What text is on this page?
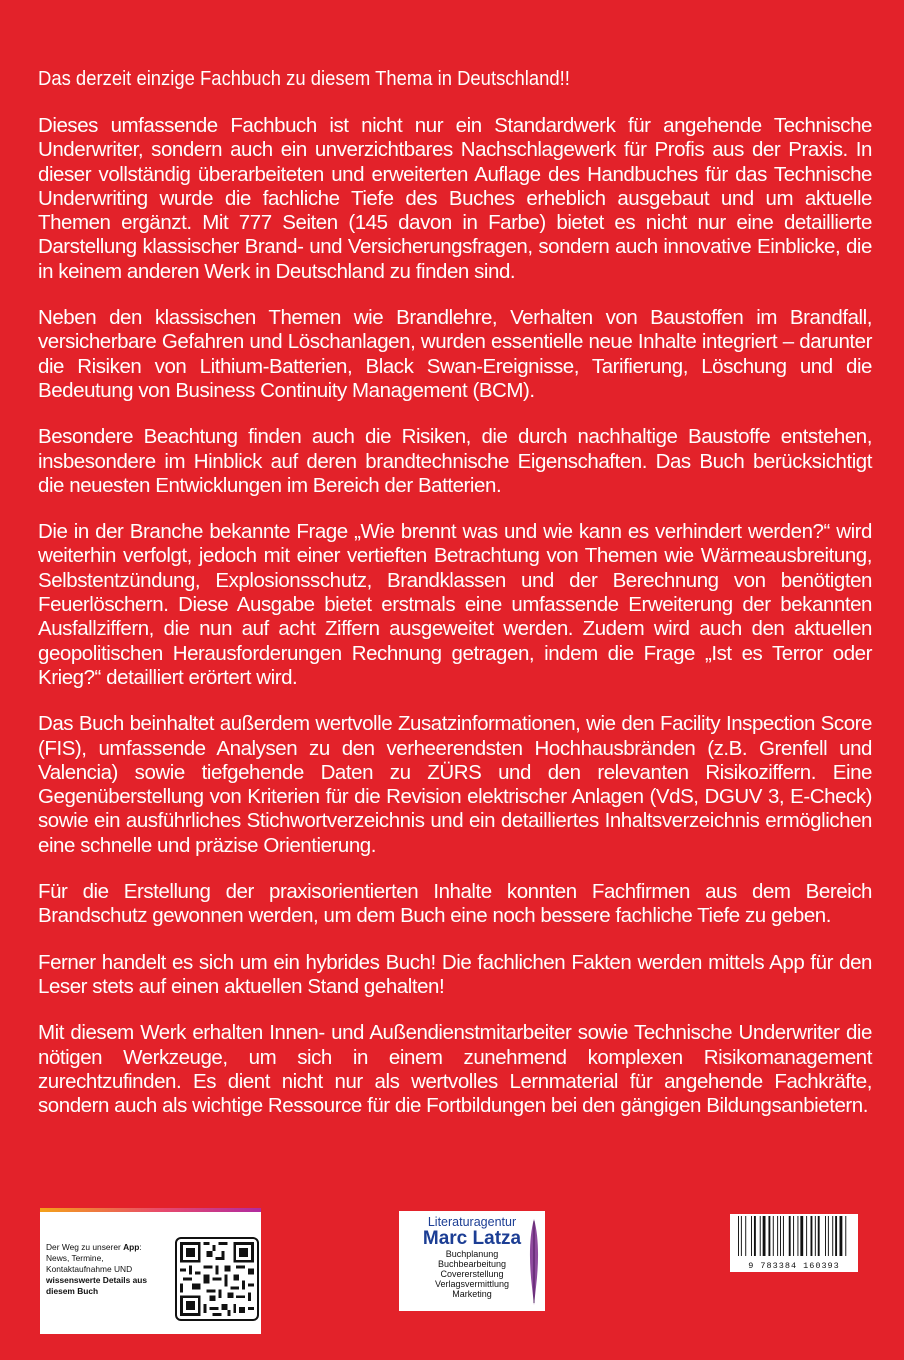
Das derzeit einzige Fachbuch zu diesem Thema in Deutschland!!

Dieses umfassende Fachbuch ist nicht nur ein Standardwerk für angehende Technische Underwriter, sondern auch ein unverzichtbares Nachschlagewerk für Profis aus der Praxis. In dieser vollständig überarbeiteten und erweiterten Auflage des Handbuches für das Technische Underwriting wurde die fachliche Tiefe des Buches erheblich ausgebaut und um aktuelle Themen ergänzt. Mit 777 Seiten (145 davon in Farbe) bietet es nicht nur eine detaillierte Darstellung klassischer Brand- und Versicherungsfragen, sondern auch innovative Einblicke, die in keinem anderen Werk in Deutschland zu finden sind.

Neben den klassischen Themen wie Brandlehre, Verhalten von Baustoffen im Brandfall, versicherbare Gefahren und Löschanlagen, wurden essentielle neue Inhalte integriert – darunter die Risiken von Lithium-Batterien, Black Swan-Ereignisse, Tarifierung, Löschung und die Bedeutung von Business Continuity Management (BCM).

Besondere Beachtung finden auch die Risiken, die durch nachhaltige Baustoffe entstehen, insbesondere im Hinblick auf deren brandtechnische Eigenschaften. Das Buch berücksichtigt die neuesten Entwicklungen im Bereich der Batterien.

Die in der Branche bekannte Frage „Wie brennt was und wie kann es verhindert werden?“ wird weiterhin verfolgt, jedoch mit einer vertieften Betrachtung von Themen wie Wärmeausbreitung, Selbstentzündung, Explosionsschutz, Brandklassen und der Berechnung von benötigten Feuerlöschern. Diese Ausgabe bietet erstmals eine umfassende Erweiterung der bekannten Ausfallziffern, die nun auf acht Ziffern ausgeweitet werden. Zudem wird auch den aktuellen geopolitischen Herausforderungen Rechnung getragen, indem die Frage „Ist es Terror oder Krieg?“ detailliert erörtert wird.

Das Buch beinhaltet außerdem wertvolle Zusatzinformationen, wie den Facility Inspection Score (FIS), umfassende Analysen zu den verheerendsten Hochhausbränden (z.B. Grenfell und Valencia) sowie tiefgehende Daten zu ZÜRS und den relevanten Risikoziffern. Eine Gegenüberstellung von Kriterien für die Revision elektrischer Anlagen (VdS, DGUV 3, E-Check) sowie ein ausführliches Stichwortverzeichnis und ein detailliertes Inhaltsverzeichnis ermöglichen eine schnelle und präzise Orientierung.

Für die Erstellung der praxisorientierten Inhalte konnten Fachfirmen aus dem Bereich Brandschutz gewonnen werden, um dem Buch eine noch bessere fachliche Tiefe zu geben.

Ferner handelt es sich um ein hybrides Buch! Die fachlichen Fakten werden mittels App für den Leser stets auf einen aktuellen Stand gehalten!

Mit diesem Werk erhalten Innen- und Außendienstmitarbeiter sowie Technische Underwriter die nötigen Werkzeuge, um sich in einem zunehmend komplexen Risikomanagement zurechtzufinden. Es dient nicht nur als wertvolles Lernmaterial für angehende Fachkräfte, sondern auch als wichtige Ressource für die Fortbildungen bei den gängigen Bildungsanbietern.

Der Weg zu unserer App:
News, Termine, Kontaktaufnahme UND
wissenswerte Details aus diesem Buch
Literaturagentur
Marc Latza
Buchplanung
Buchbearbeitung
Covererstellung
Verlagsvermittlung
Marketing
9 783384 160393
